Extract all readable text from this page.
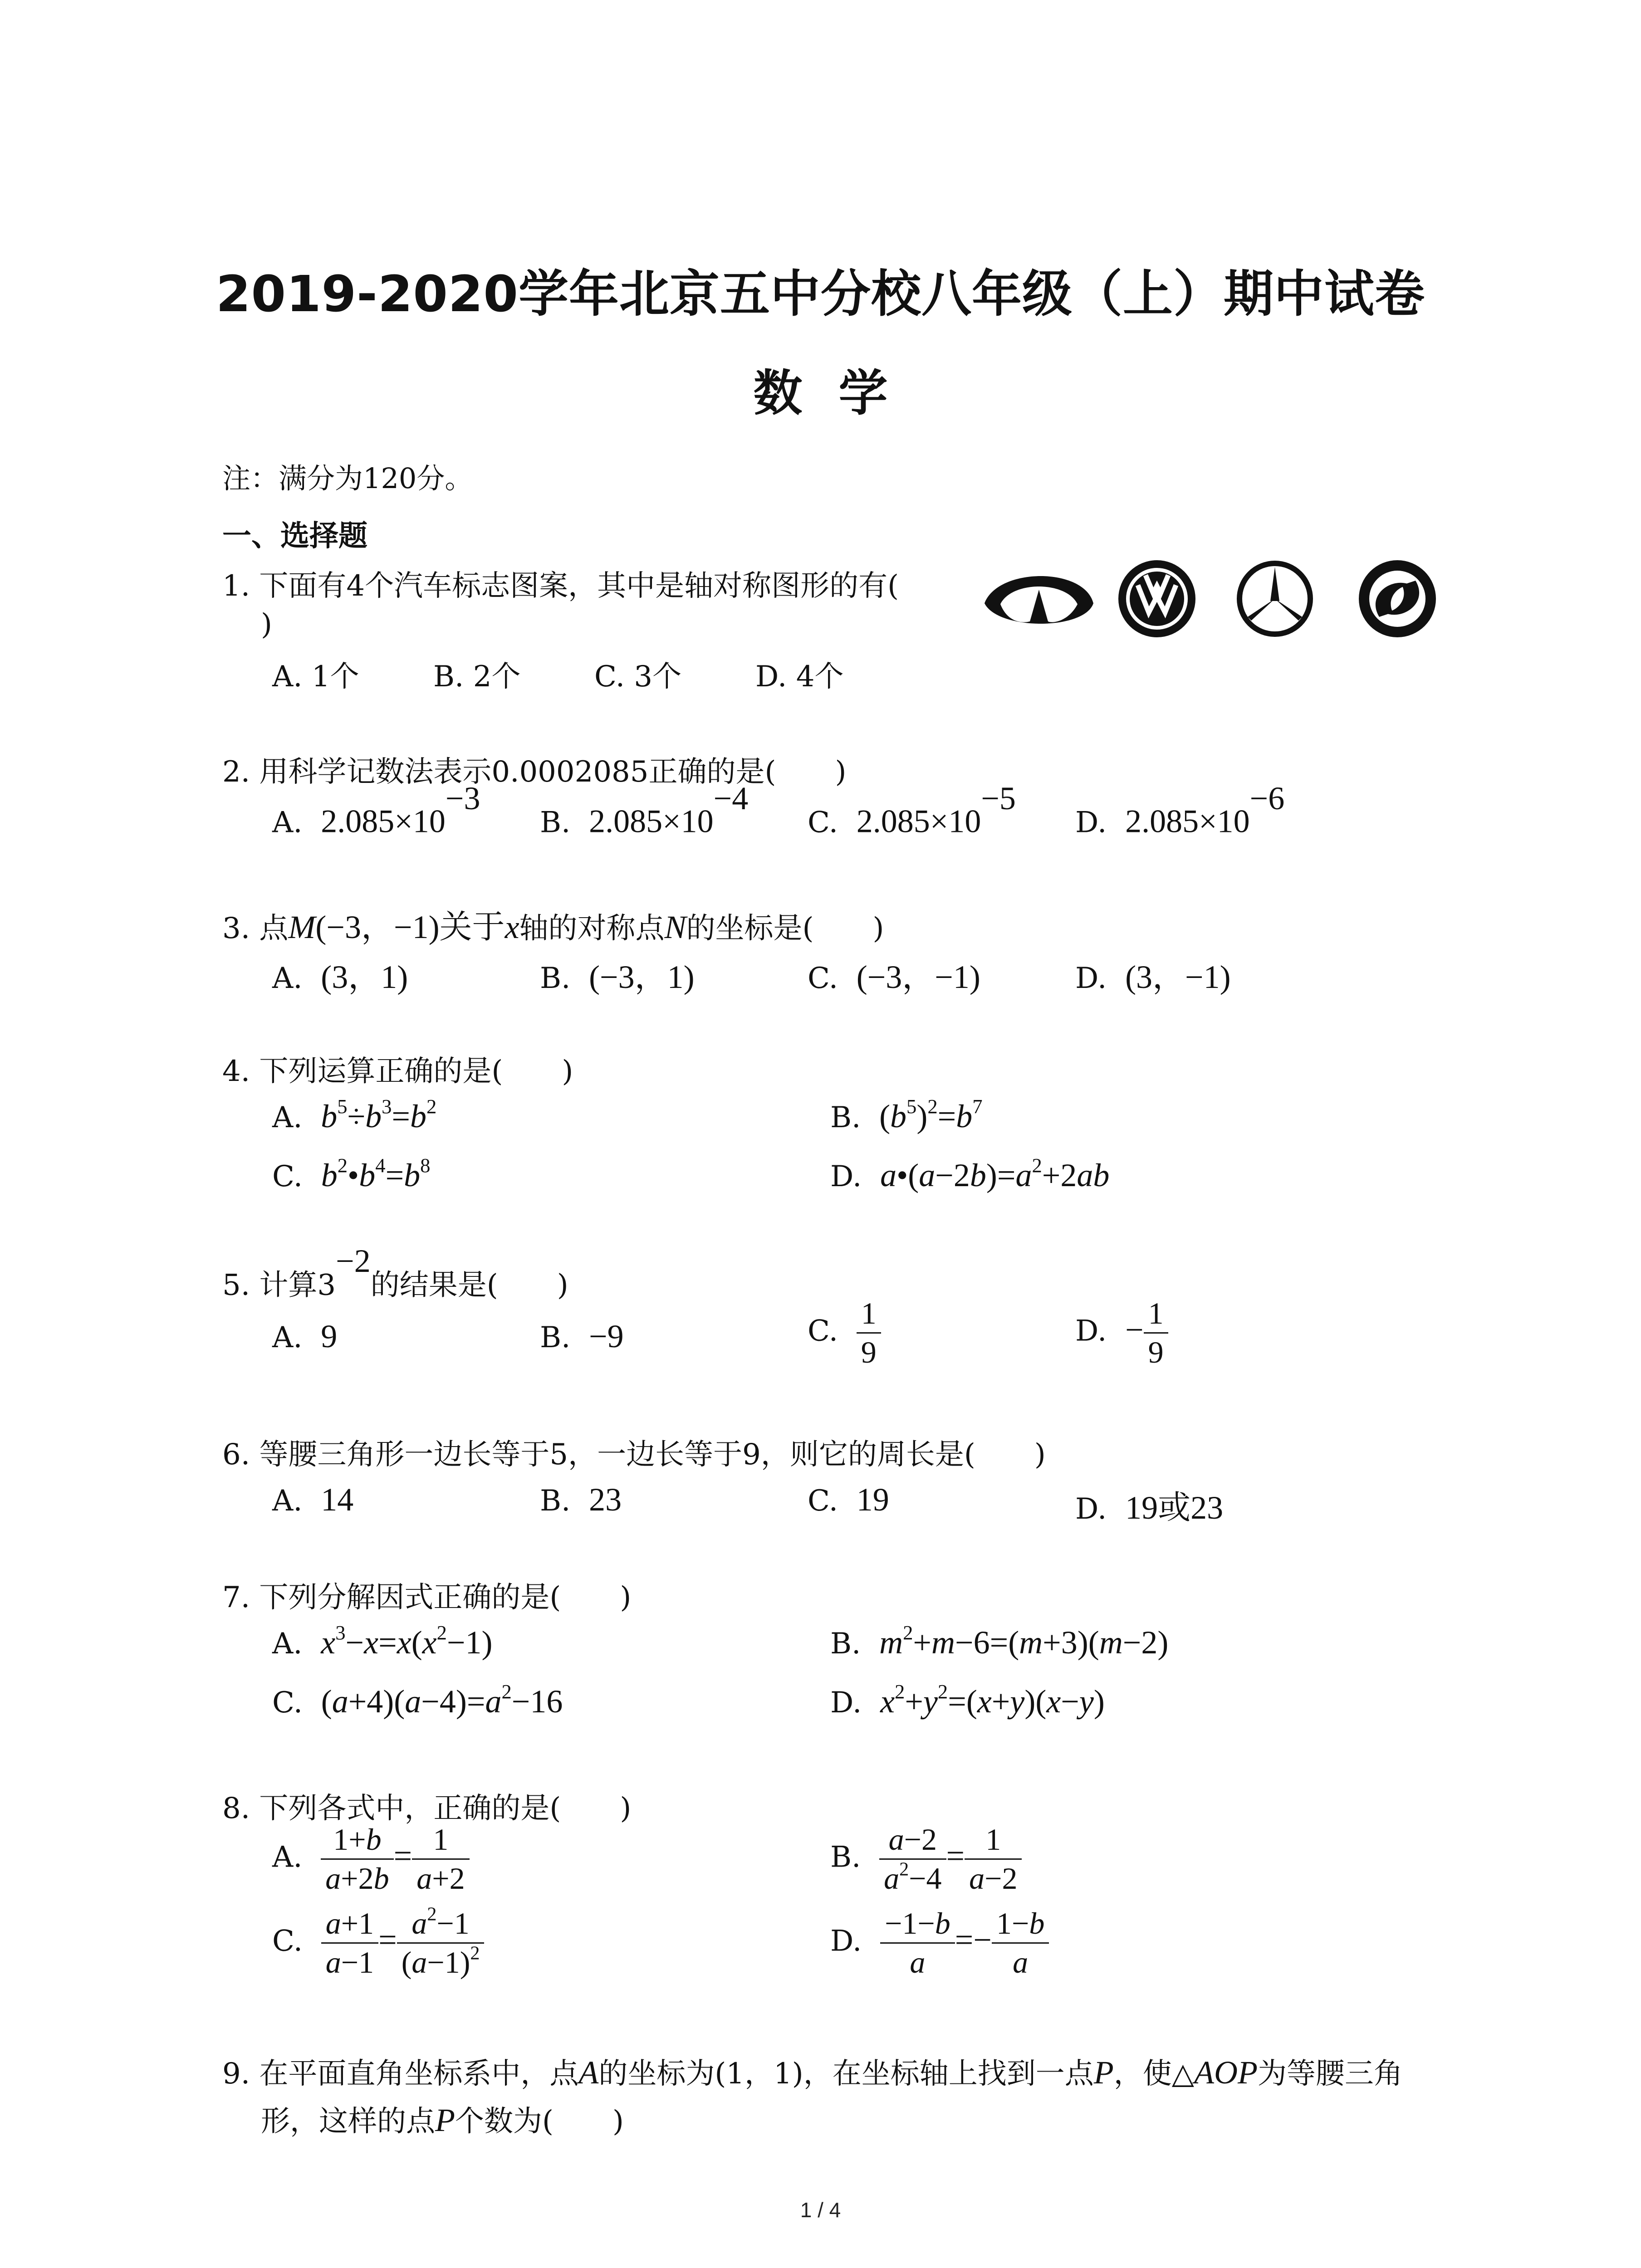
2019-2020学年北京五中分校八年级（上）期中试卷
数学
注：满分为120分。
一、选择题
1. 下面有4个汽车标志图案，其中是轴对称图形的有(
)
A. 1个	B. 2个	C. 3个	D. 4个
2. 用科学记数法表示0.0002085正确的是( )
A. $2.085\times 10^{-3}$
B. $2.085\times 10^{-4}$
C. $2.085\times 10^{-5}$
D. $2.085\times 10^{-6}$
3. 点M(−3，−1)关于x轴的对称点N的坐标是( )
A. (3，1)	B. (−3，1)	C. (−3，−1)	D. (3，−1)
4. 下列运算正确的是( )
A. $b^5\div b^3=b^2$	B. $(b^5)^2=b^7$
C. $b^2•b^4=b^8$	D. $a•(a-2b)=a^2+2ab$
5. 计算$3^{-2}$的结果是( )
A. 9	B. −9	C. $\frac{1}{9}$	D. − $\frac{1}{9}$
6. 等腰三角形一边长等于5，一边长等于9，则它的周长是( )
A. 14	B. 23	C. 19	D. 19或23
7. 下列分解因式正确的是( )
A. $x^3-x=x(x^2-1)$	B. $m^2+m-6=(m+3)(m-2)$
C. $(a+4)(a-4)=a^2-16$	D. $x^2+y^2=(x+y)(x-y)$
8. 下列各式中，正确的是( )
A. $\frac{1+b}{a+2b} = \frac{1}{a+2}$	B. $\frac{a-2}{a^2-4} = \frac{1}{a-2}$
C. $\frac{a+1}{a-1} = \frac{a^2-1}{(a-1)^2}$	D. $\frac{-1-b}{a} =- \frac{1-b}{a}$
9. 在平面直角坐标系中，点A的坐标为(1，1)，在坐标轴上找到一点P，使△AOP为等腰三角
形，这样的点P个数为( )
1 / 4
